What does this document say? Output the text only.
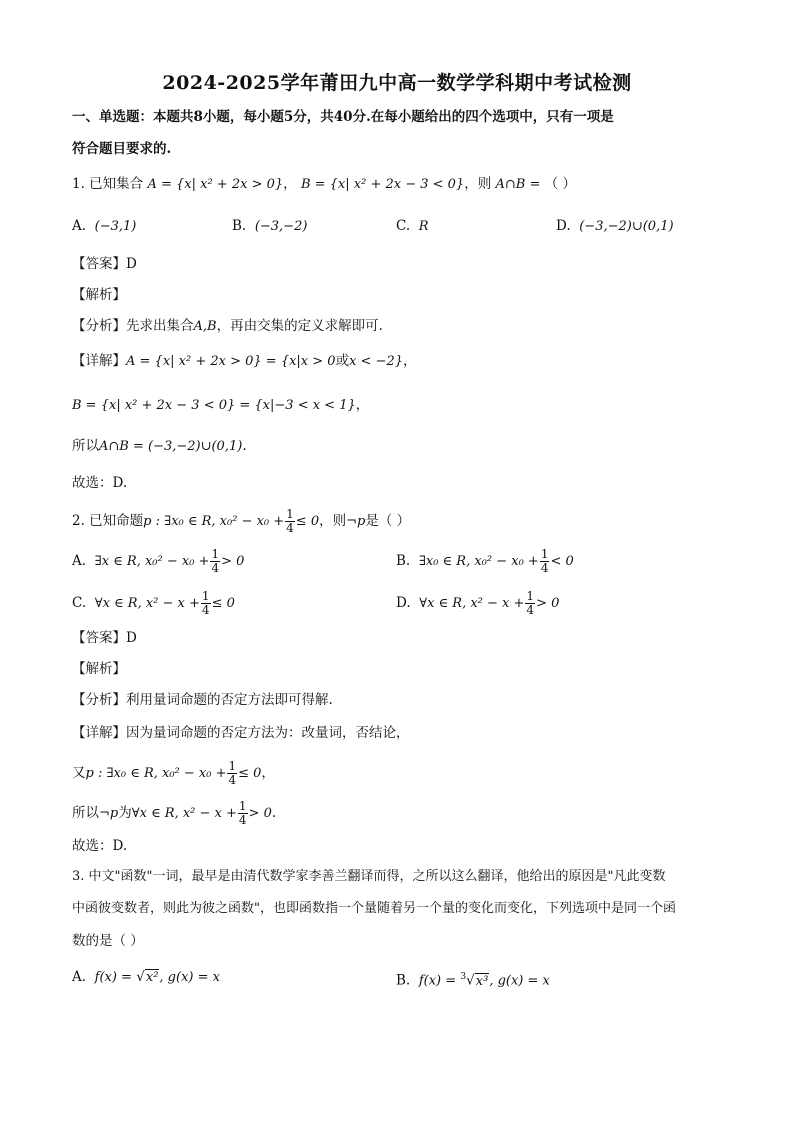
2024-2025学年莆田九中高一数学学科期中考试检测
一、单选题：本题共8小题，每小题5分，共40分.在每小题给出的四个选项中，只有一项是
符合题目要求的.
1. 已知集合 A = {x| x² + 2x > 0}， B = {x| x² + 2x − 3 < 0}，则 A∩B = （ ）
A. (−3,1)	B. (−3,−2)	C. R	D. (−3,−2)∪(0,1)
【答案】D
【解析】
【分析】先求出集合A,B，再由交集的定义求解即可.
【详解】A = {x| x² + 2x > 0} = {x|x > 0或x < −2}，
B = {x| x² + 2x − 3 < 0} = {x|−3 < x < 1}，
所以A∩B = (−3,−2)∪(0,1).
故选：D.
2. 已知命题p : ∃x₀ ∈ R, $x_0^2 - x_0 + \frac{1}{4} \le 0$，则¬p是（ ）
A. ∃x ∈ R, $x_0^2 - x_0 + \frac{1}{4} > 0$	B. ∃x₀ ∈ R, $x_0^2 - x_0 + \frac{1}{4} < 0$
C. ∀x ∈ R, $x^2 - x + \frac{1}{4} \le 0$	D. ∀x ∈ R, $x^2 - x + \frac{1}{4} > 0$
【答案】D
【解析】
【分析】利用量词命题的否定方法即可得解.
【详解】因为量词命题的否定方法为：改量词，否结论，
又p : ∃x₀ ∈ R, $x_0^2 - x_0 + \frac{1}{4} \le 0$，
所以¬p为∀x ∈ R, $x^2 - x + \frac{1}{4} > 0$.
故选：D.
3. 中文"函数"一词，最早是由清代数学家李善兰翻译而得，之所以这么翻译，他给出的原因是"凡此变数
中函彼变数者，则此为彼之函数"，也即函数指一个量随着另一个量的变化而变化，下列选项中是同一个函
数的是（ ）
A. f(x) = √x², g(x) = x	B. f(x) = $^3$√x³, g(x) = x
